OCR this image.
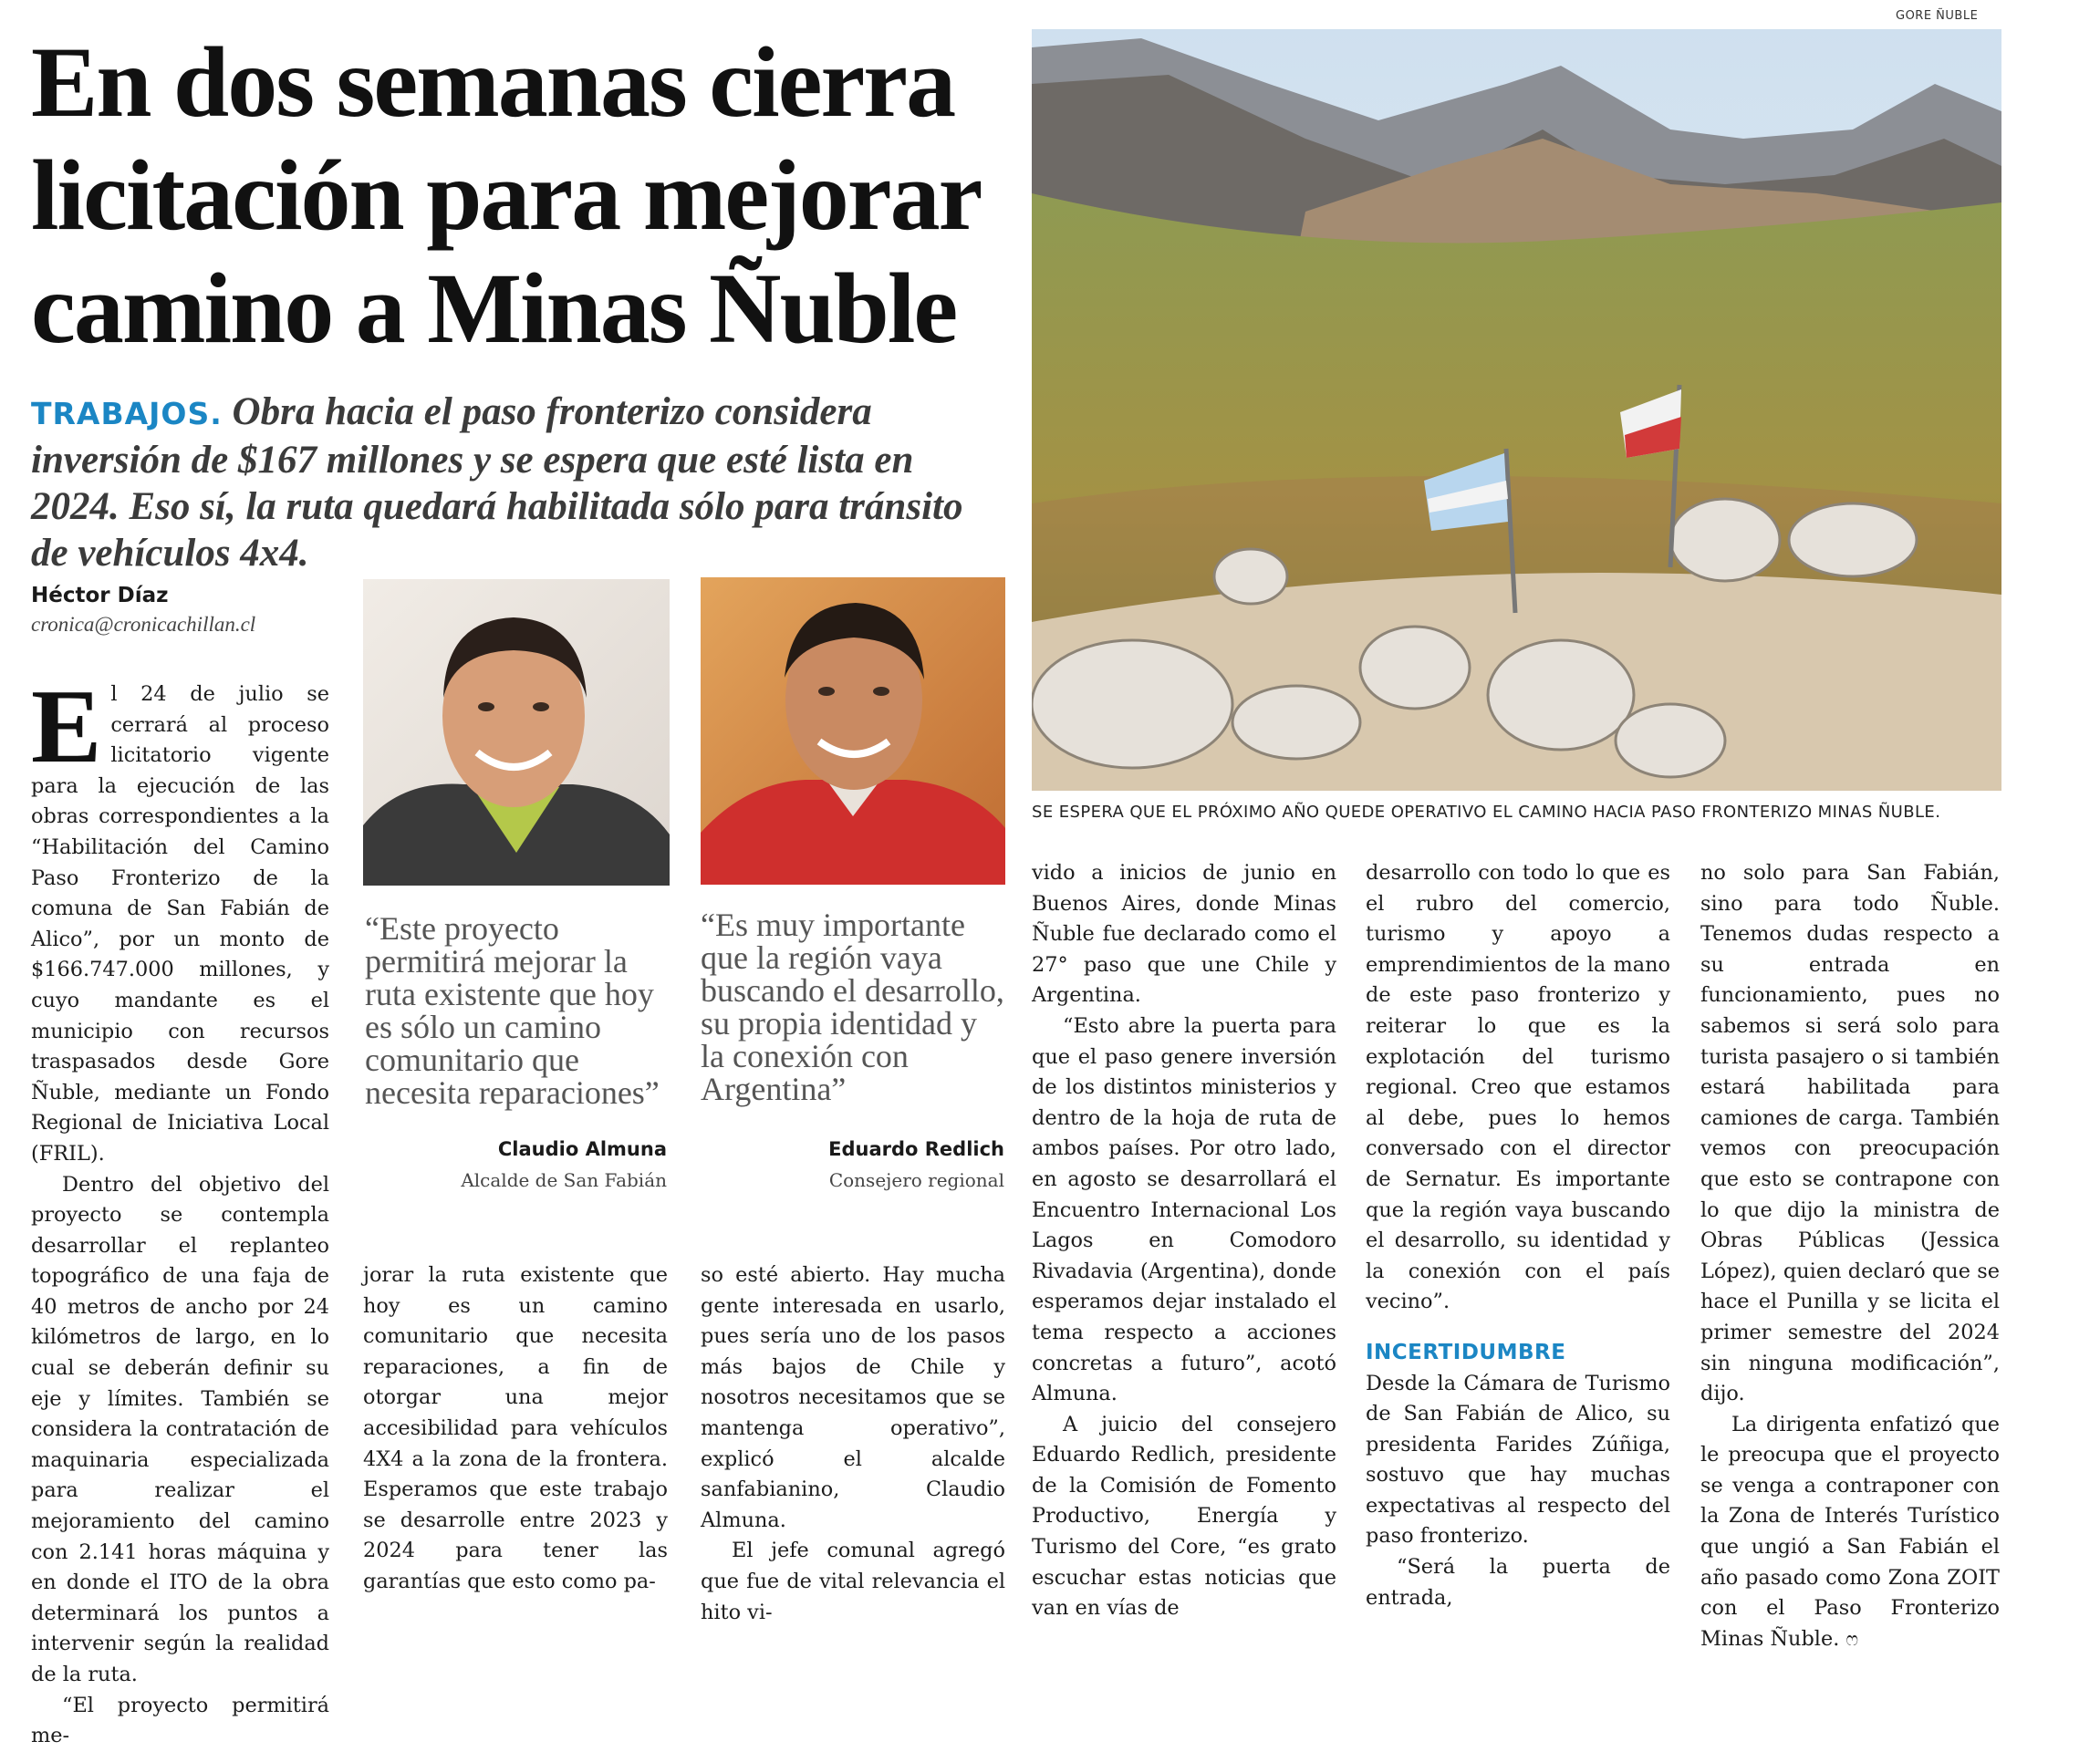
En dos semanas cierra licitación para mejorar camino a Minas Ñuble
TRABAJOS. Obra hacia el paso fronterizo considera inversión de $167 millones y se espera que esté lista en 2024. Eso sí, la ruta quedará habilitada sólo para tránsito de vehículos 4x4.
Héctor Díaz
cronica@cronicachillan.cl
“Este proyecto permitirá mejorar la ruta existente que hoy es sólo un camino comunitario que necesita reparaciones”
Claudio Almuna
Alcalde de San Fabián
“Es muy importante que la región vaya buscando el desarrollo, su propia identidad y la conexión con Argentina”
Eduardo Redlich
Consejero regional
GORE ÑUBLE
SE ESPERA QUE EL PRÓXIMO AÑO QUEDE OPERATIVO EL CAMINO HACIA PASO FRONTERIZO MINAS ÑUBLE.

E l 24 de julio se cerrará al proceso licitatorio vigente para la ejecución de las obras correspondientes a la “Habilitación del Camino Paso Fronterizo de la comuna de San Fabián de Alico”, por un monto de $166.747.000 millones, y cuyo mandante es el municipio con recursos traspasados desde Gore Ñuble, mediante un Fondo Regional de Iniciativa Local (FRIL).

Dentro del objetivo del proyecto se contempla desarrollar el replanteo topográfico de una faja de 40 metros de ancho por 24 kilómetros de largo, en lo cual se deberán definir su eje y límites. También se considera la contratación de maquinaria especializada para realizar el mejoramiento del camino con 2.141 horas máquina y en donde el ITO de la obra determinará los puntos a intervenir según la realidad de la ruta.

“El proyecto permitirá me-

jorar la ruta existente que hoy es un camino comunitario que necesita reparaciones, a fin de otorgar una mejor accesibilidad para vehículos 4X4 a la zona de la frontera. Esperamos que este trabajo se desarrolle entre 2023 y 2024 para tener las garantías que esto como pa-

so esté abierto. Hay mucha gente interesada en usarlo, pues sería uno de los pasos más bajos de Chile y nosotros necesitamos que se mantenga operativo”, explicó el alcalde sanfabianino, Claudio Almuna.

El jefe comunal agregó que fue de vital relevancia el hito vi-

vido a inicios de junio en Buenos Aires, donde Minas Ñuble fue declarado como el 27° paso que une Chile y Argentina.

“Esto abre la puerta para que el paso genere inversión de los distintos ministerios y dentro de la hoja de ruta de ambos países. Por otro lado, en agosto se desarrollará el Encuentro Internacional Los Lagos en Comodoro Rivadavia (Argentina), donde esperamos dejar instalado el tema respecto a acciones concretas a futuro”, acotó Almuna.

A juicio del consejero Eduardo Redlich, presidente de la Comisión de Fomento Productivo, Energía y Turismo del Core, “es grato escuchar estas noticias que van en vías de

desarrollo con todo lo que es el rubro del comercio, turismo y apoyo a emprendimientos de la mano de este paso fronterizo y reiterar lo que es la explotación del turismo regional. Creo que estamos al debe, pues lo hemos conversado con el director de Sernatur. Es importante que la región vaya buscando el desarrollo, su identidad y la conexión con el país vecino”.

INCERTIDUMBRE

Desde la Cámara de Turismo de San Fabián de Alico, su presidenta Farides Zúñiga, sostuvo que hay muchas expectativas al respecto del paso fronterizo.

“Será la puerta de entrada,

no solo para San Fabián, sino para todo Ñuble. Tenemos dudas respecto a su entrada en funcionamiento, pues no sabemos si será solo para turista pasajero o si también estará habilitada para camiones de carga. También vemos con preocupación que esto se contrapone con lo que dijo la ministra de Obras Públicas (Jessica López), quien declaró que se hace el Punilla y se licita el primer semestre del 2024 sin ninguna modificación”, dijo.

La dirigenta enfatizó que le preocupa que el proyecto se venga a contraponer con la Zona de Interés Turístico que ungió a San Fabián el año pasado como Zona ZOIT con el Paso Fronterizo Minas Ñuble. ෆ
